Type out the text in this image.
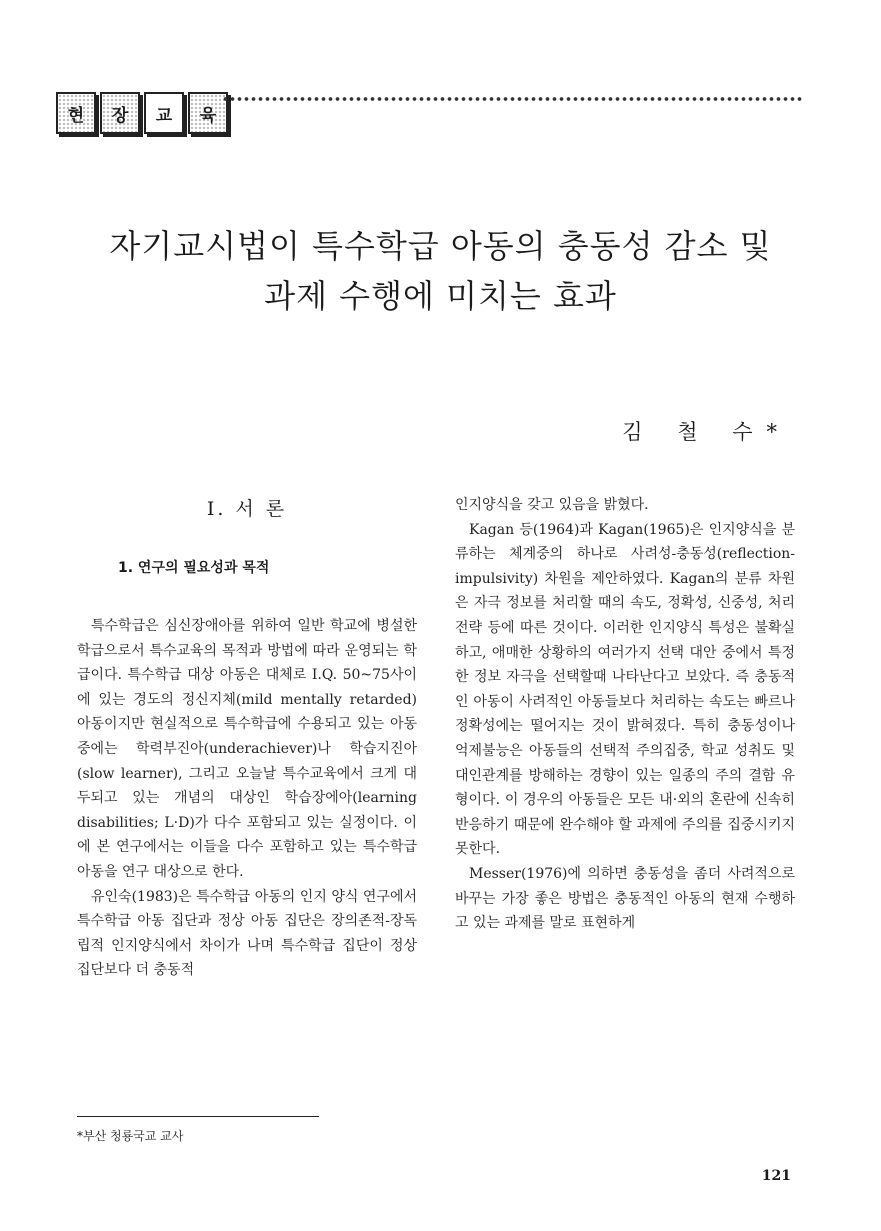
현	장	교	육
자기교시법이 특수학급 아동의 충동성 감소 및
과제 수행에 미치는 효과
김 철 수*
I. 서 론
1. 연구의 필요성과 목적

특수학급은 심신장애아를 위하여 일반 학교에 병설한 학급으로서 특수교육의 목적과 방법에 따라 운영되는 학급이다. 특수학급 대상 아동은 대체로 I.Q. 50~75사이에 있는 경도의 정신지체(mild mentally retarded) 아동이지만 현실적으로 특수학급에 수용되고 있는 아동 중에는 학력부진아(underachiever)나 학습지진아(slow learner), 그리고 오늘날 특수교육에서 크게 대두되고 있는 개념의 대상인 학습장에아(learning disabilities; L·D)가 다수 포함되고 있는 실정이다. 이에 본 연구에서는 이들을 다수 포함하고 있는 특수학급 아동을 연구 대상으로 한다.

유인숙(1983)은 특수학급 아동의 인지 양식 연구에서 특수학급 아동 집단과 정상 아동 집단은 장의존적-장독립적 인지양식에서 차이가 나며 특수학급 집단이 정상 집단보다 더 충동적

인지양식을 갖고 있음을 밝혔다.

Kagan 등(1964)과 Kagan(1965)은 인지양식을 분류하는 체계중의 하나로 사려성-충동성(reflection-impulsivity) 차원을 제안하였다. Kagan의 분류 차원은 자극 정보를 처리할 때의 속도, 정확성, 신중성, 처리전략 등에 따른 것이다. 이러한 인지양식 특성은 불확실하고, 애매한 상황하의 여러가지 선택 대안 중에서 특정한 정보 자극을 선택할때 나타난다고 보았다. 즉 충동적인 아동이 사려적인 아동들보다 처리하는 속도는 빠르나 정확성에는 떨어지는 것이 밝혀졌다. 특히 충동성이나 억제불능은 아동들의 선택적 주의집중, 학교 성취도 및 대인관계를 방해하는 경향이 있는 일종의 주의 결함 유형이다. 이 경우의 아동들은 모든 내·외의 혼란에 신속히 반응하기 때문에 완수해야 할 과제에 주의를 집중시키지 못한다.

Messer(1976)에 의하면 충동성을 좀더 사려적으로 바꾸는 가장 좋은 방법은 충동적인 아동의 현재 수행하고 있는 과제를 말로 표현하게

*부산 청룡국교 교사
121
